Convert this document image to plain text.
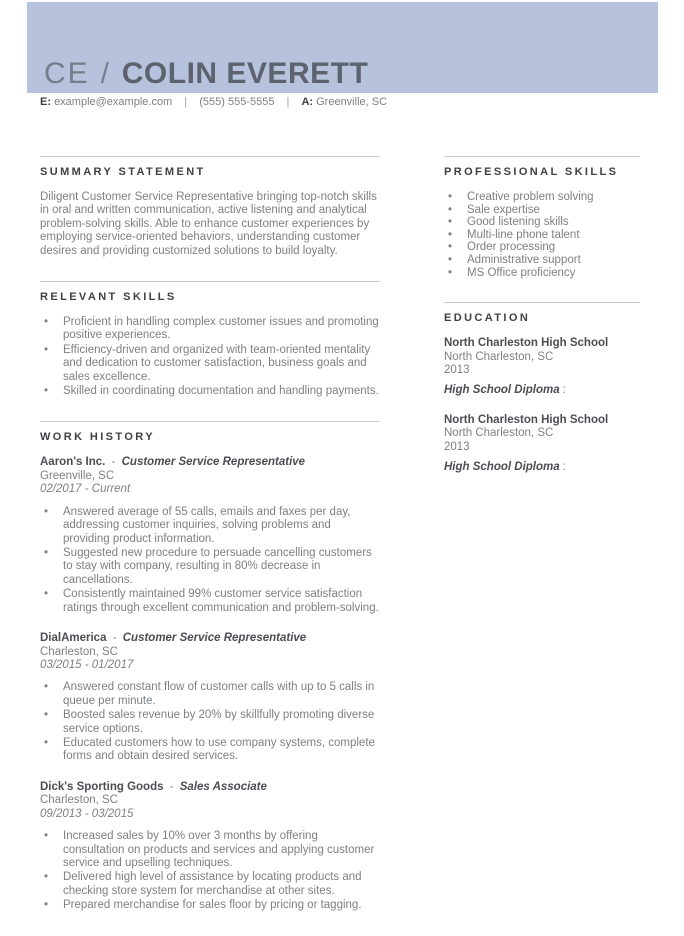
CE / COLIN EVERETT
E: example@example.com | (555) 555-5555 | A: Greenville, SC
SUMMARY STATEMENT

Diligent Customer Service Representative bringing top-notch skills in oral and written communication, active listening and analytical problem-solving skills. Able to enhance customer experiences by employing service-oriented behaviors, understanding customer desires and providing customized solutions to build loyalty.

RELEVANT SKILLS
• Proficient in handling complex customer issues and promoting positive experiences.
• Efficiency-driven and organized with team-oriented mentality and dedication to customer satisfaction, business goals and sales excellence.
• Skilled in coordinating documentation and handling payments.
WORK HISTORY

Aaron's Inc. - Customer Service Representative

Greenville, SC
02/2017 - Current
• Answered average of 55 calls, emails and faxes per day, addressing customer inquiries, solving problems and providing product information.
• Suggested new procedure to persuade cancelling customers to stay with company, resulting in 80% decrease in cancellations.
• Consistently maintained 99% customer service satisfaction ratings through excellent communication and problem-solving.

DialAmerica - Customer Service Representative

Charleston, SC
03/2015 - 01/2017
• Answered constant flow of customer calls with up to 5 calls in queue per minute.
• Boosted sales revenue by 20% by skillfully promoting diverse service options.
• Educated customers how to use company systems, complete forms and obtain desired services.

Dick's Sporting Goods - Sales Associate

Charleston, SC
09/2013 - 03/2015
• Increased sales by 10% over 3 months by offering consultation on products and services and applying customer service and upselling techniques.
• Delivered high level of assistance by locating products and checking store system for merchandise at other sites.
• Prepared merchandise for sales floor by pricing or tagging.
PROFESSIONAL SKILLS
• Creative problem solving
• Sale expertise
• Good listening skills
• Multi-line phone talent
• Order processing
• Administrative support
• MS Office proficiency
EDUCATION
North Charleston High School
North Charleston, SC
2013
High School Diploma :
North Charleston High School
North Charleston, SC
2013
High School Diploma :
